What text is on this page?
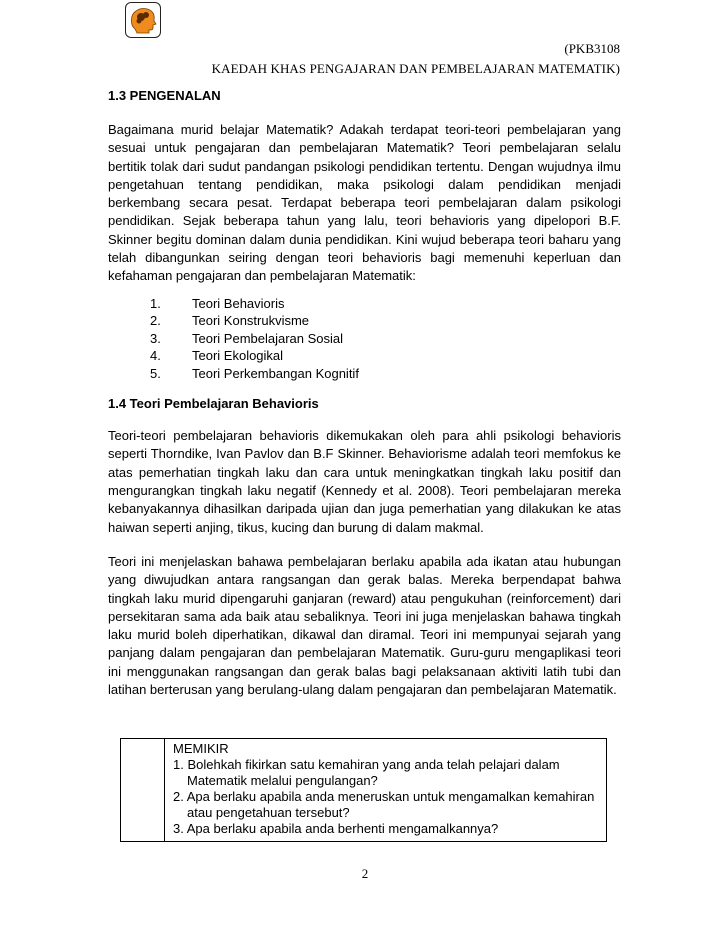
(PKB3108
KAEDAH KHAS PENGAJARAN DAN PEMBELAJARAN MATEMATIK)
1.3 PENGENALAN

Bagaimana murid belajar Matematik? Adakah terdapat teori-teori pembelajaran yang sesuai untuk pengajaran dan pembelajaran Matematik? Teori pembelajaran selalu bertitik tolak dari sudut pandangan psikologi pendidikan tertentu. Dengan wujudnya ilmu pengetahuan tentang pendidikan, maka psikologi dalam pendidikan menjadi berkembang secara pesat. Terdapat beberapa teori pembelajaran dalam psikologi pendidikan. Sejak beberapa tahun yang lalu, teori behavioris yang dipelopori B.F. Skinner begitu dominan dalam dunia pendidikan. Kini wujud beberapa teori baharu yang telah dibangunkan seiring dengan teori behavioris bagi memenuhi keperluan dan kefahaman pengajaran dan pembelajaran Matematik:

1.	Teori Behavioris
2.	Teori Konstrukvisme
3.	Teori Pembelajaran Sosial
4.	Teori Ekologikal
5.	Teori Perkembangan Kognitif
1.4 Teori Pembelajaran Behavioris

Teori-teori pembelajaran behavioris dikemukakan oleh para ahli psikologi behavioris seperti Thorndike, Ivan Pavlov dan B.F Skinner. Behaviorisme adalah teori memfokus ke atas pemerhatian tingkah laku dan cara untuk meningkatkan tingkah laku positif dan mengurangkan tingkah laku negatif (Kennedy et al. 2008). Teori pembelajaran mereka kebanyakannya dihasilkan daripada ujian dan juga pemerhatian yang dilakukan ke atas haiwan seperti anjing, tikus, kucing dan burung di dalam makmal.

Teori ini menjelaskan bahawa pembelajaran berlaku apabila ada ikatan atau hubungan yang diwujudkan antara rangsangan dan gerak balas. Mereka berpendapat bahwa tingkah laku murid dipengaruhi ganjaran (reward) atau pengukuhan (reinforcement) dari persekitaran sama ada baik atau sebaliknya. Teori ini juga menjelaskan bahawa tingkah laku murid boleh diperhatikan, dikawal dan diramal. Teori ini mempunyai sejarah yang panjang dalam pengajaran dan pembelajaran Matematik. Guru-guru mengaplikasi teori ini menggunakan rangsangan dan gerak balas bagi pelaksanaan aktiviti latih tubi dan latihan berterusan yang berulang-ulang dalam pengajaran dan pembelajaran Matematik.

MEMIKIR
1. Bolehkah fikirkan satu kemahiran yang anda telah pelajari dalam Matematik melalui pengulangan?
2. Apa berlaku apabila anda meneruskan untuk mengamalkan kemahiran atau pengetahuan tersebut?
3. Apa berlaku apabila anda berhenti mengamalkannya?
2
